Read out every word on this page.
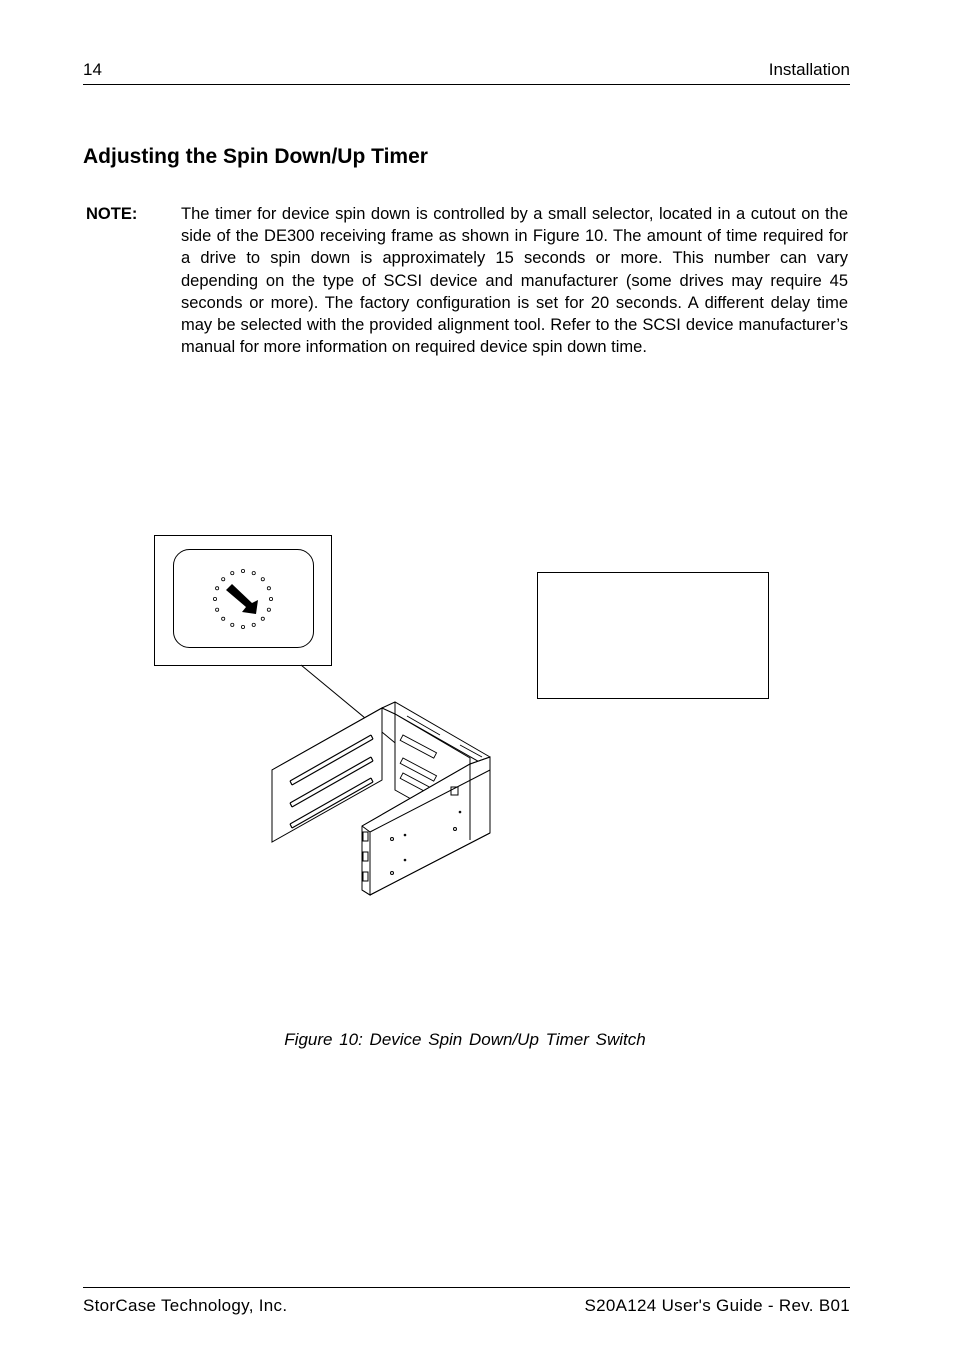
14	Installation
Adjusting the Spin Down/Up Timer
NOTE:	The timer for device spin down is controlled by a small selector, located in a cutout on the side of the DE300 receiving frame as shown in Figure 10. The amount of time required for a drive to spin down is approximately 15 seconds or more. This number can vary depending on the type of SCSI device and manufacturer (some drives may require 45 seconds or more). The factory configuration is set for 20 seconds. A different delay time may be selected with the provided alignment tool. Refer to the SCSI device manufacturer’s manual for more information on required device spin down time.

Figure 10: Device Spin Down/Up Timer Switch
StorCase Technology, Inc.	S20A124 User's Guide - Rev. B01
